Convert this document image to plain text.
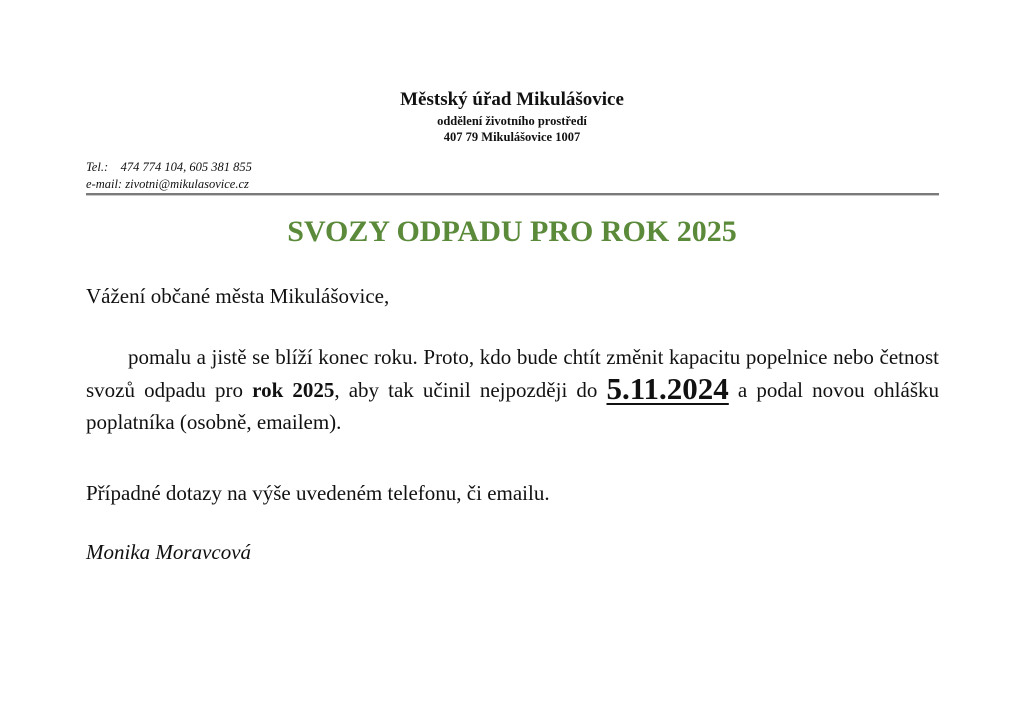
Městský úřad Mikulášovice
oddělení životního prostředí
407 79 Mikulášovice 1007
Tel.: 474 774 104, 605 381 855
e-mail: zivotni@mikulasovice.cz
SVOZY ODPADU PRO ROK 2025
Vážení občané města Mikulášovice,
pomalu a jistě se blíží konec roku. Proto, kdo bude chtít změnit kapacitu popelnice nebo četnost svozů odpadu pro rok 2025, aby tak učinil nejpozději do 5.11.2024 a podal novou ohlášku poplatníka (osobně, emailem).
Případné dotazy na výše uvedeném telefonu, či emailu.
Monika Moravcová
